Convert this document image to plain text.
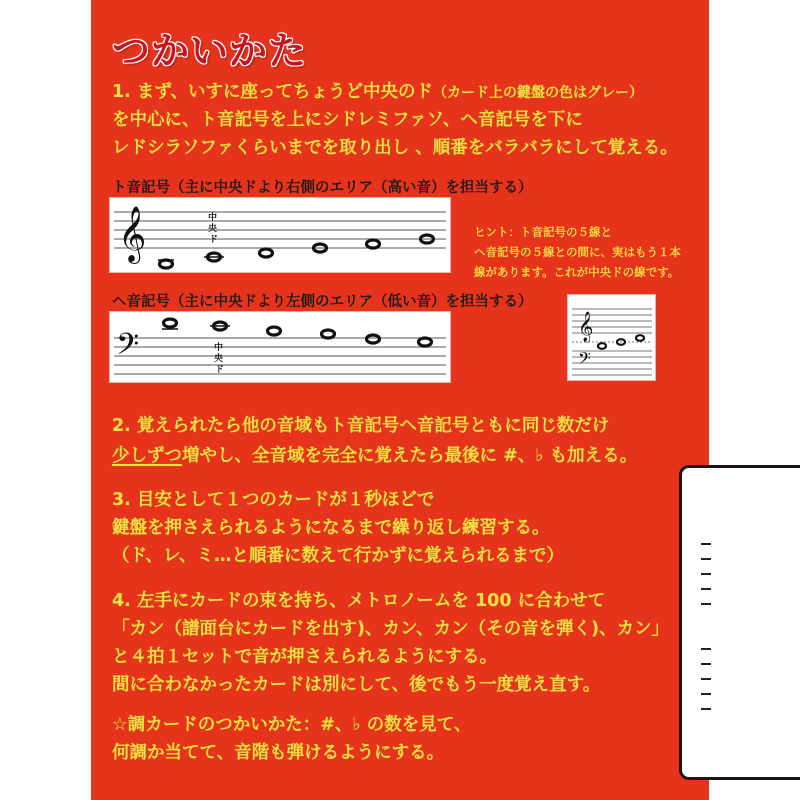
つかいかた
1. まず、いすに座ってちょうど中央のド（カード上の鍵盤の色はグレー）
を中心に、ト音記号を上にシドレミファソ、ヘ音記号を下に
レドシラソファくらいまでを取り出し 、順番をバラバラにして覚える。
ト音記号（主に中央ドより右側のエリア（高い音）を担当する）
𝄞	中
央
ド
ヒント：ト音記号の５線と
ヘ音記号の５線との間に、実はもう１本
線があります。これが中央ドの線です。
ヘ音記号（主に中央ドより左側のエリア（低い音）を担当する）
𝄢	中
央
ド
𝄞
𝄢
2. 覚えられたら他の音域もト音記号ヘ音記号ともに同じ数だけ
少しずつ増やし、全音域を完全に覚えたら最後に #、♭ も加える。
3. 目安として１つのカードが１秒ほどで
鍵盤を押さえられるようになるまで繰り返し練習する。
（ド、レ、ミ…と順番に数えて行かずに覚えられるまで）
4. 左手にカードの束を持ち、メトロノームを 100 に合わせて
「カン（譜面台にカードを出す)、カン、カン（その音を弾く)、カン」
と４拍１セットで音が押さえられるようにする。
間に合わなかったカードは別にして、後でもう一度覚え直す。
☆調カードのつかいかた：#、♭ の数を見て、
何調か当てて、音階も弾けるようにする。
